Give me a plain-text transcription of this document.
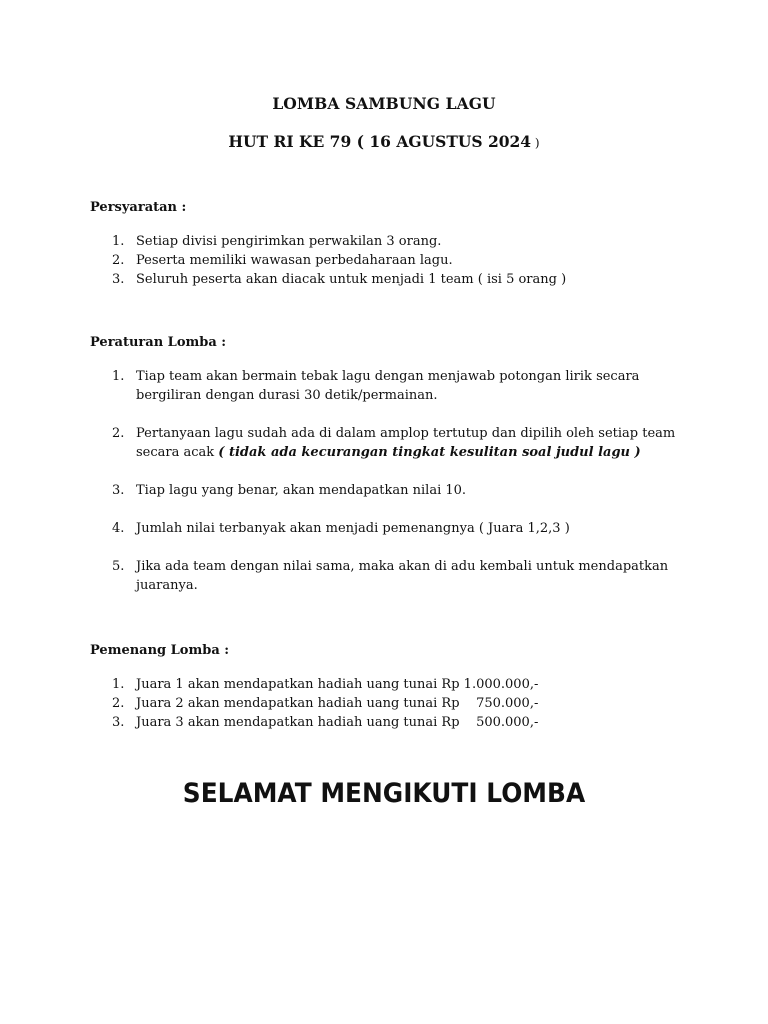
LOMBA SAMBUNG LAGU
HUT RI KE 79 ( 16 AGUSTUS 2024 )
Persyaratan :
1. Setiap divisi pengirimkan perwakilan 3 orang.
2. Peserta memiliki wawasan perbedaharaan lagu.
3. Seluruh peserta akan diacak untuk menjadi 1 team ( isi 5 orang )
Peraturan Lomba :
1. Tiap team akan bermain tebak lagu dengan menjawab potongan lirik secara bergiliran dengan durasi 30 detik/permainan.
2. Pertanyaan lagu sudah ada di dalam amplop tertutup dan dipilih oleh setiap team secara acak ( tidak ada kecurangan tingkat kesulitan soal judul lagu )
3. Tiap lagu yang benar, akan mendapatkan nilai 10.
4. Jumlah nilai terbanyak akan menjadi pemenangnya ( Juara 1,2,3 )
5. Jika ada team dengan nilai sama, maka akan di adu kembali untuk mendapatkan juaranya.
Pemenang Lomba :
1. Juara 1 akan mendapatkan hadiah uang tunai Rp 1.000.000,-
2. Juara 2 akan mendapatkan hadiah uang tunai Rp    750.000,-
3. Juara 3 akan mendapatkan hadiah uang tunai Rp    500.000,-
SELAMAT MENGIKUTI LOMBA
